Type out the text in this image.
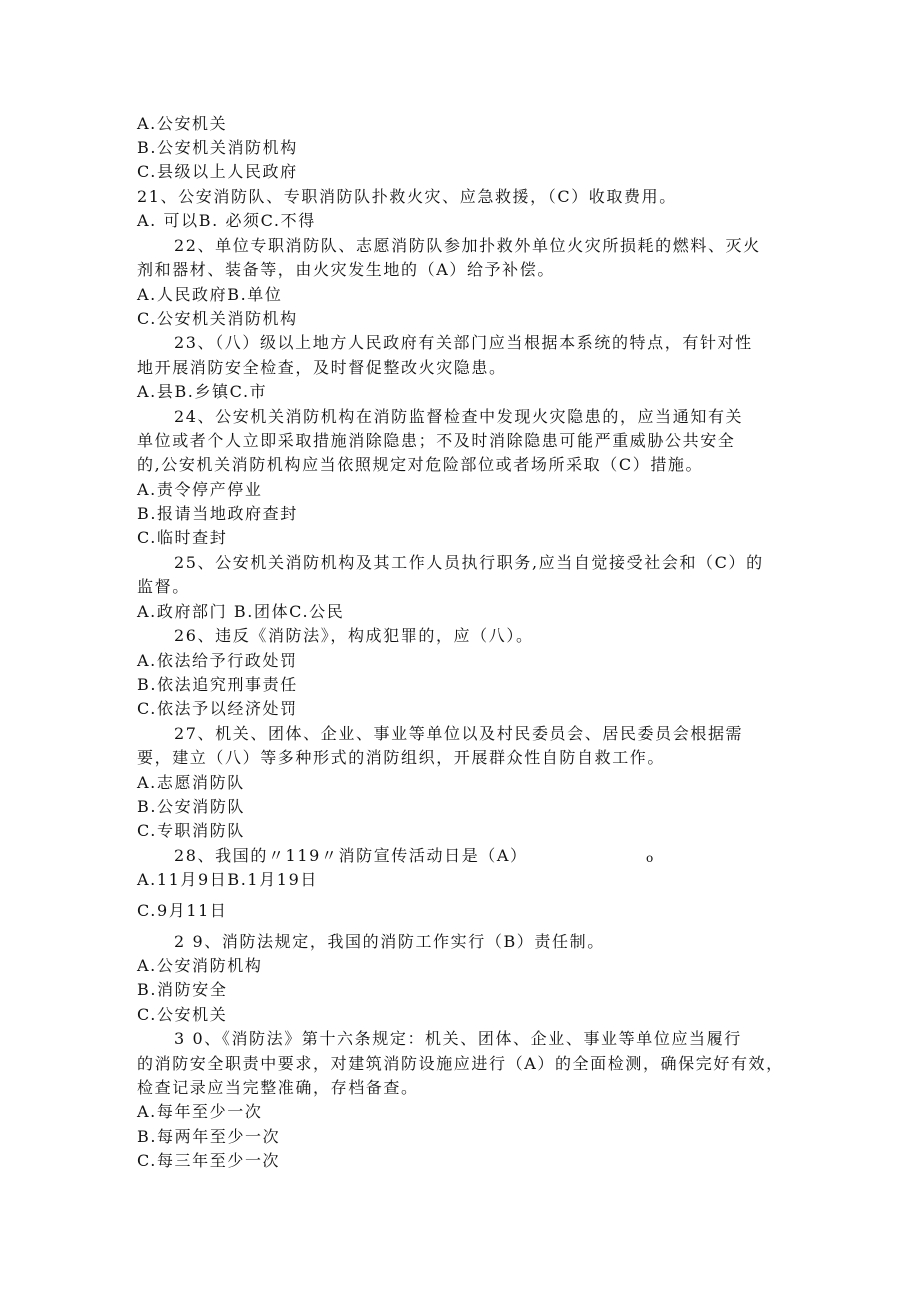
A.公安机关
B.公安机关消防机构
C.县级以上人民政府
21、公安消防队、专职消防队扑救火灾、应急救援，（C）收取费用。
A. 可以B. 必须C.不得
22、单位专职消防队、志愿消防队参加扑救外单位火灾所损耗的燃料、灭火
剂和器材、装备等，由火灾发生地的（A）给予补偿。
A.人民政府B.单位
C.公安机关消防机构
23、（八）级以上地方人民政府有关部门应当根据本系统的特点，有针对性
地开展消防安全检查，及时督促整改火灾隐患。
A.县B.乡镇C.市
24、公安机关消防机构在消防监督检查中发现火灾隐患的，应当通知有关
单位或者个人立即采取措施消除隐患；不及时消除隐患可能严重威胁公共安全
的,公安机关消防机构应当依照规定对危险部位或者场所采取（C）措施。
A.责令停产停业
B.报请当地政府查封
C.临时查封
25、公安机关消防机构及其工作人员执行职务,应当自觉接受社会和（C）的
监督。
A.政府部门 B.团体C.公民
26、违反《消防法》，构成犯罪的，应（八）。
A.依法给予行政处罚
B.依法追究刑事责任
C.依法予以经济处罚
27、机关、团体、企业、事业等单位以及村民委员会、居民委员会根据需
要，建立（八）等多种形式的消防组织，开展群众性自防自救工作。
A.志愿消防队
B.公安消防队
C.专职消防队
28、我国的〃119〃消防宣传活动日是（A）	o
A.11月9日B.1月19日
C.9月11日
2 9、消防法规定，我国的消防工作实行（B）责任制。
A.公安消防机构
B.消防安全
C.公安机关
3 0、《消防法》第十六条规定：机关、团体、企业、事业等单位应当履行
的消防安全职责中要求，对建筑消防设施应进行（A）的全面检测，确保完好有效，
检查记录应当完整准确，存档备查。
A.每年至少一次
B.每两年至少一次
C.每三年至少一次
